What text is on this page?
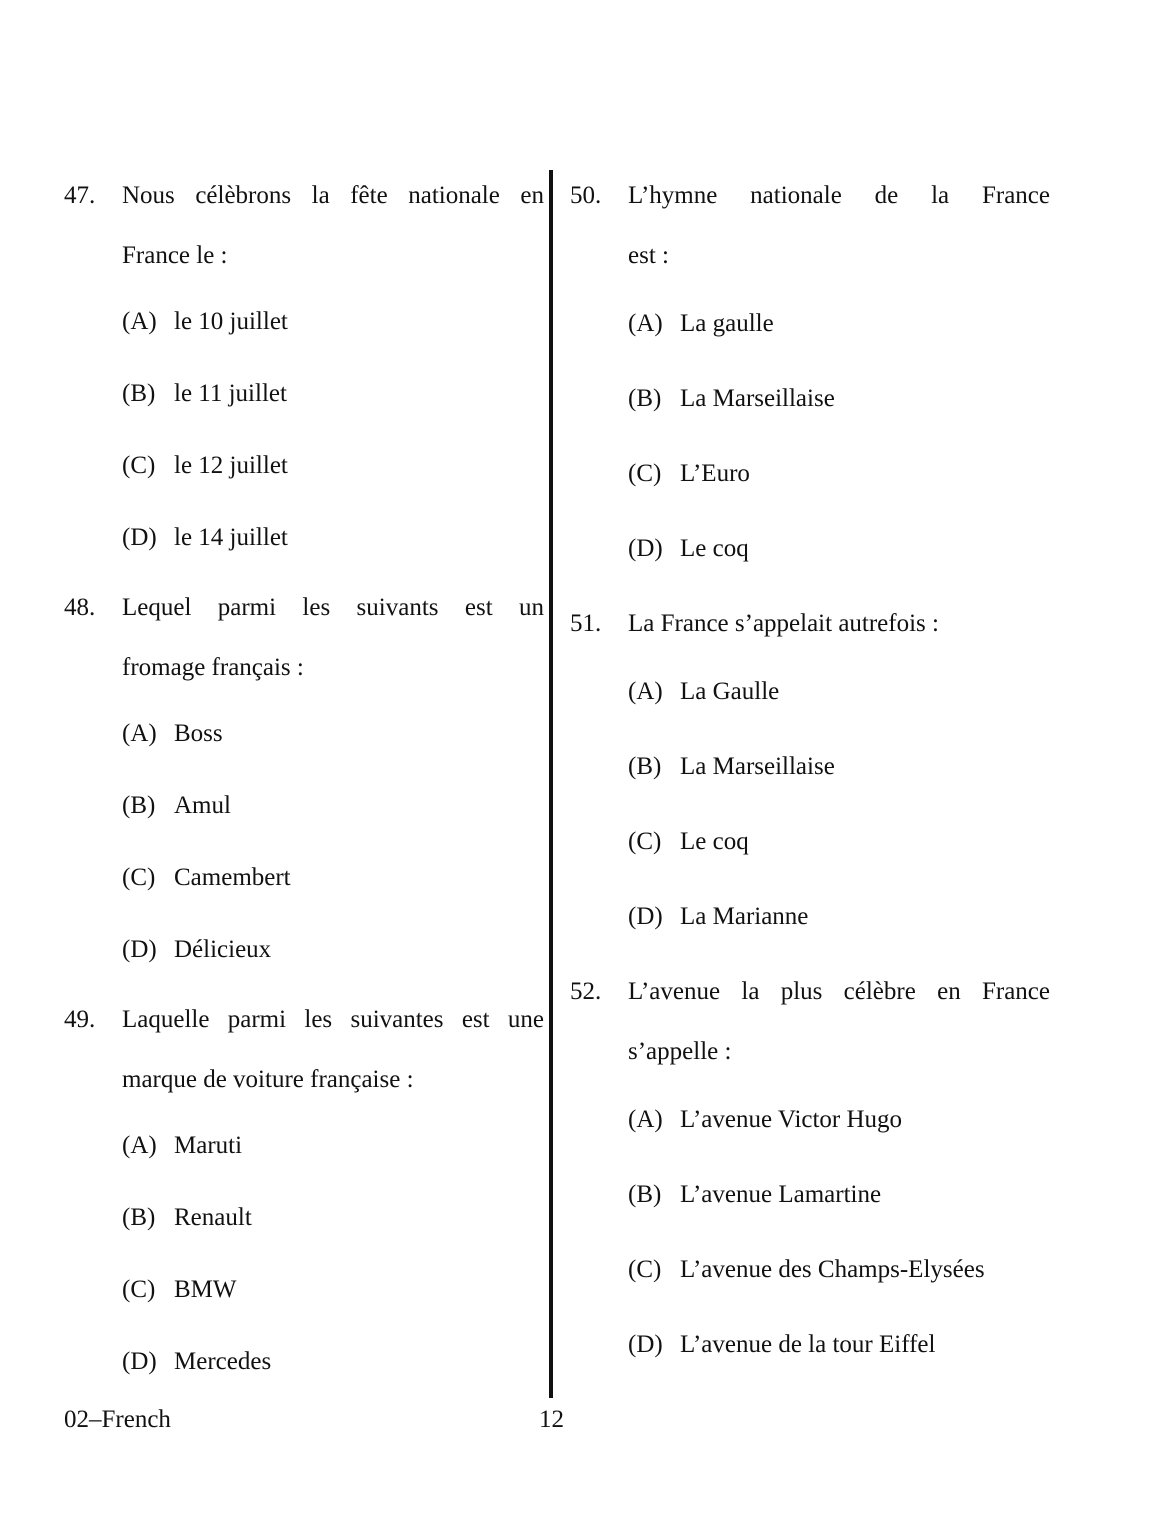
47. Nous célèbrons la fête nationale en
France le :
(A) le 10 juillet
(B) le 11 juillet
(C) le 12 juillet
(D) le 14 juillet
48. Lequel parmi les suivants est un
fromage français :
(A) Boss
(B) Amul
(C) Camembert
(D) Délicieux
49. Laquelle parmi les suivantes est une
marque de voiture française :
(A) Maruti
(B) Renault
(C) BMW
(D) Mercedes
50. L’hymne nationale de la France
est :
(A) La gaulle
(B) La Marseillaise
(C) L’Euro
(D) Le coq
51. La France s’appelait autrefois :
(A) La Gaulle
(B) La Marseillaise
(C) Le coq
(D) La Marianne
52. L’avenue la plus célèbre en France
s’appelle :
(A) L’avenue Victor Hugo
(B) L’avenue Lamartine
(C) L’avenue des Champs-Elysées
(D) L’avenue de la tour Eiffel
02–French	12
